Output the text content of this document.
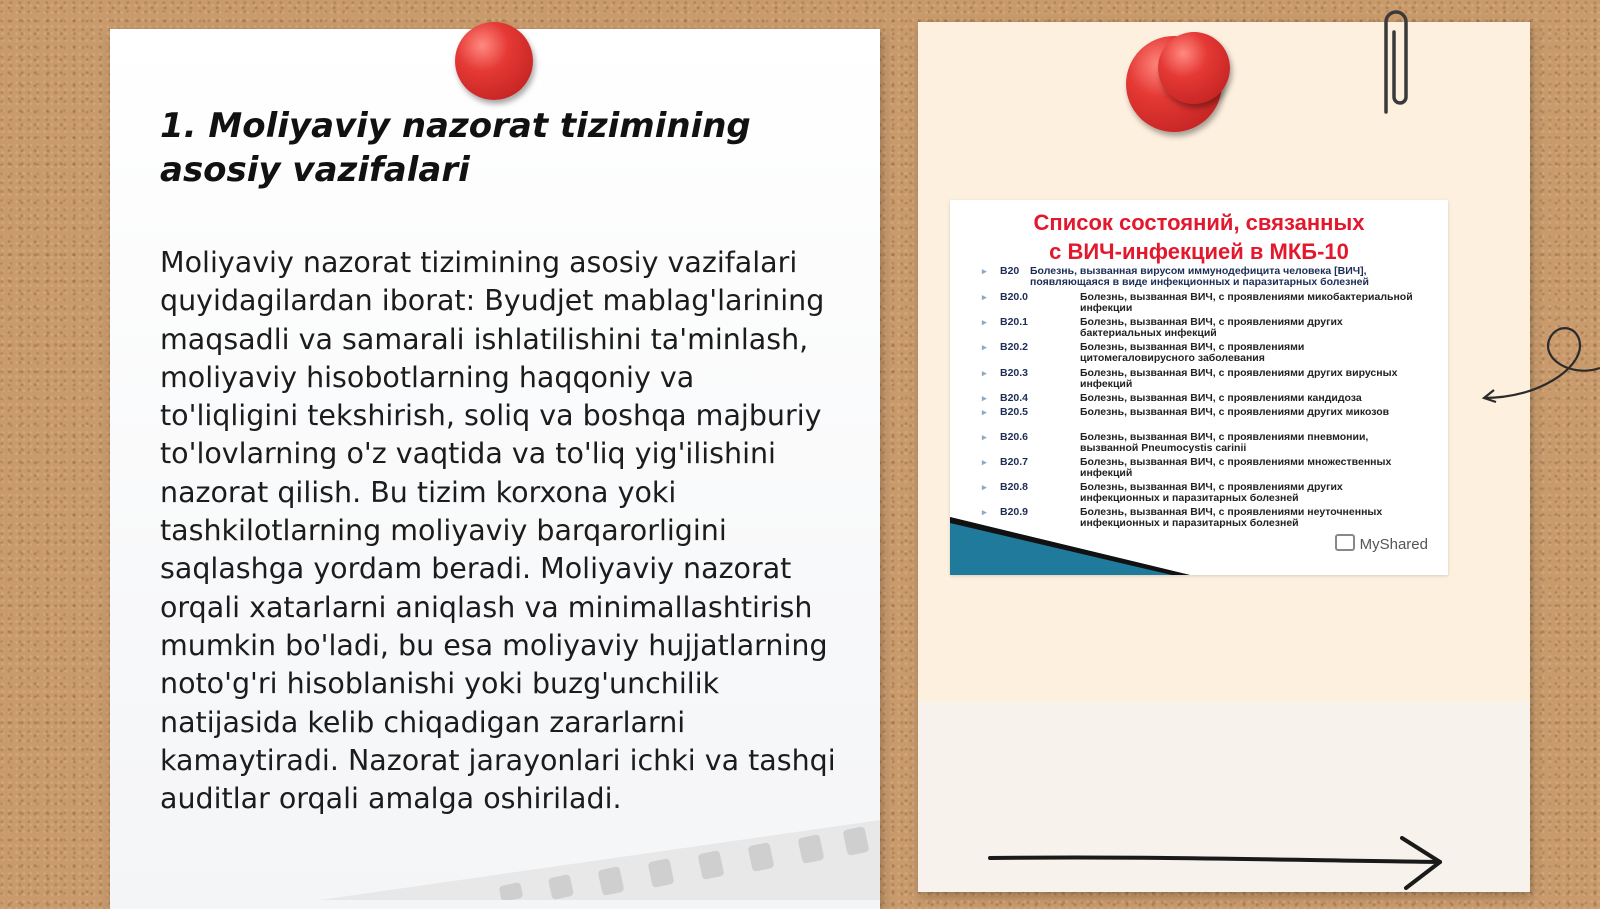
1. Moliyaviy nazorat tizimining asosiy vazifalari

Moliyaviy nazorat tizimining asosiy vazifalari quyidagilardan iborat: Byudjet mablag'larining maqsadli va samarali ishlatilishini ta'minlash, moliyaviy hisobotlarning haqqoniy va to'liqligini tekshirish, soliq va boshqa majburiy to'lovlarning o'z vaqtida va to'liq yig'ilishini nazorat qilish. Bu tizim korxona yoki tashkilotlarning moliyaviy barqarorligini saqlashga yordam beradi. Moliyaviy nazorat orqali xatarlarni aniqlash va minimallashtirish mumkin bo'ladi, bu esa moliyaviy hujjatlarning noto'g'ri hisoblanishi yoki buzg'unchilik natijasida kelib chiqadigan zararlarni kamaytiradi. Nazorat jarayonlari ichki va tashqi auditlar orqali amalga oshiriladi.

Список состояний, связанных
с ВИЧ-инфекцией в МКБ-10
▸ B20 Болезнь, вызванная вирусом иммунодефицита человека [ВИЧ], появляющаяся в виде инфекционных и паразитарных болезней
▸ B20.0	Болезнь, вызванная ВИЧ, с проявлениями микобактериальной инфекции
▸ B20.1	Болезнь, вызванная ВИЧ, с проявлениями других бактериальных инфекций
▸ B20.2	Болезнь, вызванная ВИЧ, с проявлениями цитомегаловирусного заболевания
▸ B20.3	Болезнь, вызванная ВИЧ, с проявлениями других вирусных инфекций
▸ B20.4	Болезнь, вызванная ВИЧ, с проявлениями кандидоза
▸ B20.5	Болезнь, вызванная ВИЧ, с проявлениями других микозов
▸ B20.6	Болезнь, вызванная ВИЧ, с проявлениями пневмонии, вызванной Pneumocystis carinii
▸ B20.7	Болезнь, вызванная ВИЧ, с проявлениями множественных инфекций
▸ B20.8	Болезнь, вызванная ВИЧ, с проявлениями других инфекционных и паразитарных болезней
▸ B20.9	Болезнь, вызванная ВИЧ, с проявлениями неуточненных инфекционных и паразитарных болезней
MyShared
